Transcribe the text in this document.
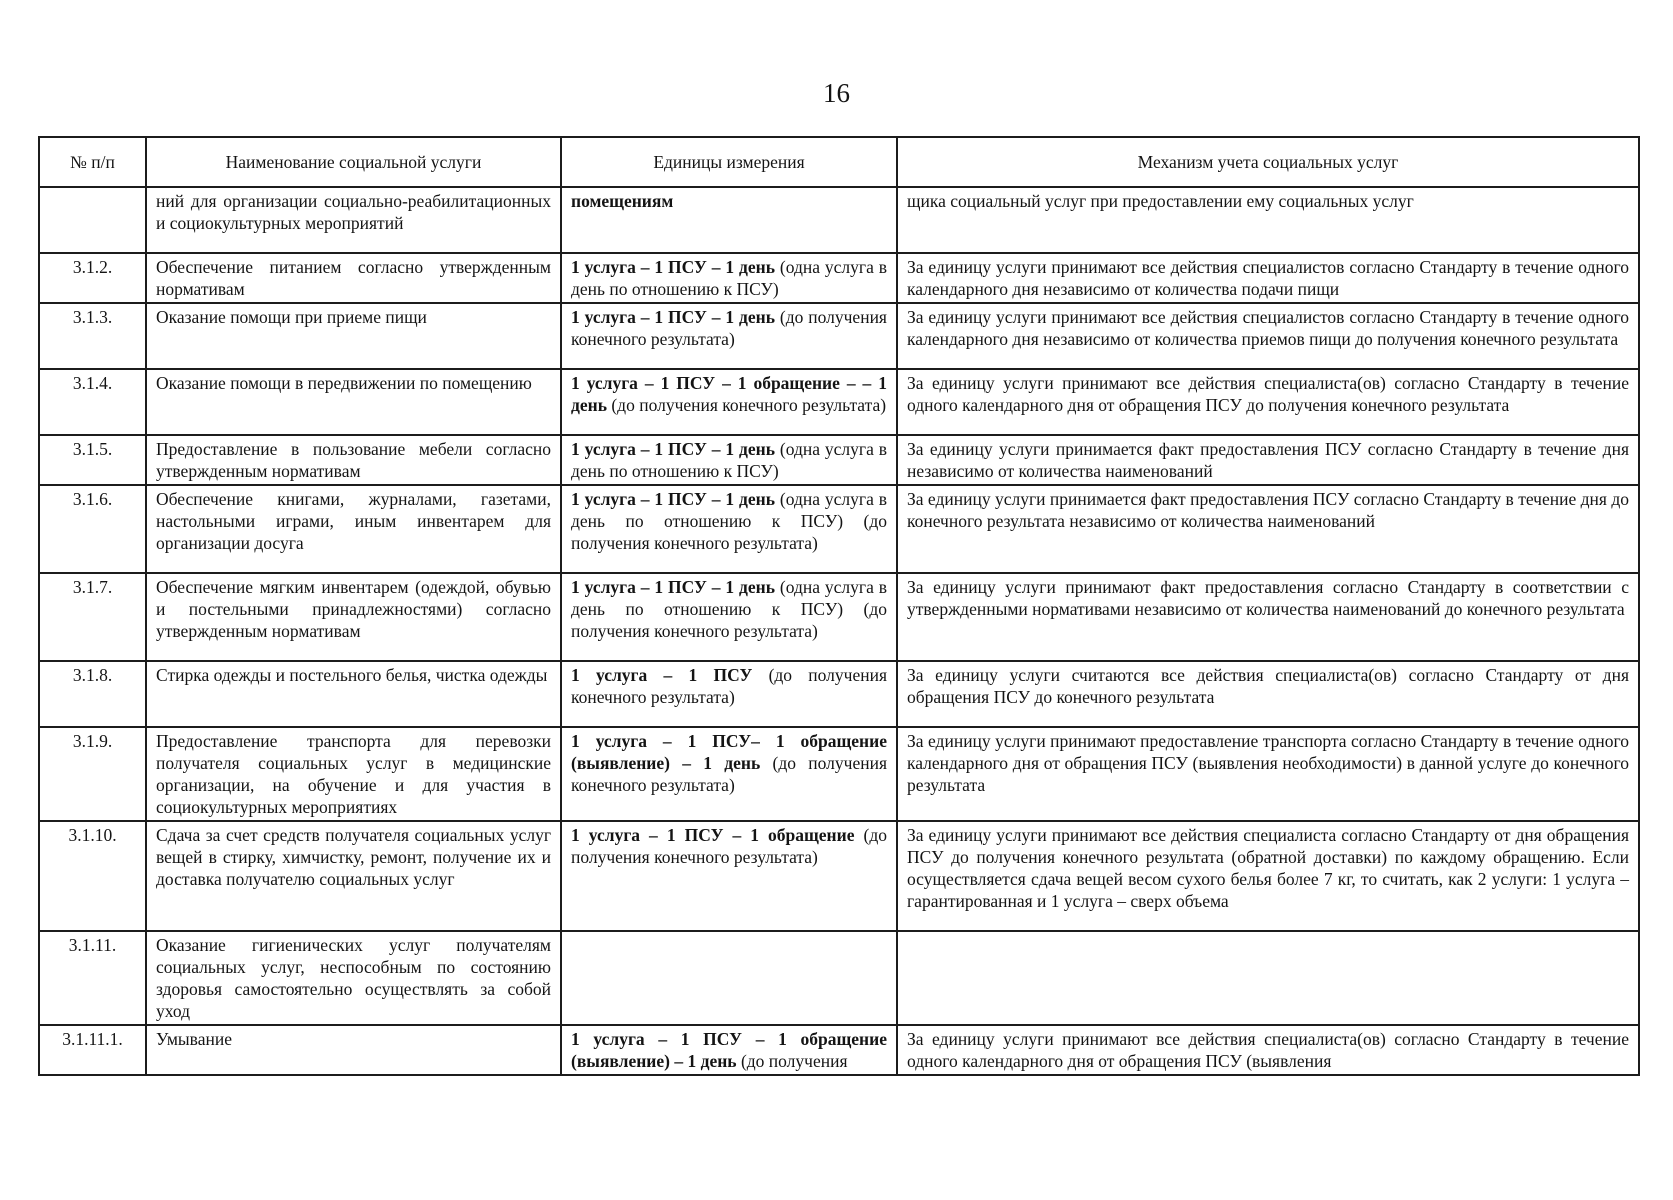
16
№ п/п	Наименование социальной услуги	Единицы измерения	Механизм учета социальных услуг
	ний для организации социально-реабилитационных и социокультурных мероприятий	помещениям	щика социальный услуг при предоставлении ему социальных услуг
3.1.2.	Обеспечение питанием согласно утвержденным нормативам	1 услуга – 1 ПСУ – 1 день (одна услуга в день по отношению к ПСУ)	За единицу услуги принимают все действия специалистов согласно Стандарту в течение одного календарного дня независимо от количества подачи пищи
3.1.3.	Оказание помощи при приеме пищи	1 услуга – 1 ПСУ – 1 день (до получения конечного результата)	За единицу услуги принимают все действия специалистов согласно Стандарту в течение одного календарного дня независимо от количества приемов пищи до получения конечного результата
3.1.4.	Оказание помощи в передвижении по помещению	1 услуга – 1 ПСУ – 1 обращение – – 1 день (до получения конечного результата)	За единицу услуги принимают все действия специалиста(ов) согласно Стандарту в течение одного календарного дня от обращения ПСУ до получения конечного результата
3.1.5.	Предоставление в пользование мебели согласно утвержденным нормативам	1 услуга – 1 ПСУ – 1 день (одна услуга в день по отношению к ПСУ)	За единицу услуги принимается факт предоставления ПСУ согласно Стандарту в течение дня независимо от количества наименований
3.1.6.	Обеспечение книгами, журналами, газетами, настольными играми, иным инвентарем для организации досуга	1 услуга – 1 ПСУ – 1 день (одна услуга в день по отношению к ПСУ) (до получения конечного результата)	За единицу услуги принимается факт предоставления ПСУ согласно Стандарту в течение дня до конечного результата независимо от количества наименований
3.1.7.	Обеспечение мягким инвентарем (одеждой, обувью и постельными принадлежностями) согласно утвержденным нормативам	1 услуга – 1 ПСУ – 1 день (одна услуга в день по отношению к ПСУ) (до получения конечного результата)	За единицу услуги принимают факт предоставления согласно Стандарту в соответствии с утвержденными нормативами независимо от количества наименований до конечного результата
3.1.8.	Стирка одежды и постельного белья, чистка одежды	1 услуга – 1 ПСУ (до получения конечного результата)	За единицу услуги считаются все действия специалиста(ов) согласно Стандарту от дня обращения ПСУ до конечного результата
3.1.9.	Предоставление транспорта для перевозки получателя социальных услуг в медицинские организации, на обучение и для участия в социокультурных мероприятиях	1 услуга – 1 ПСУ– 1 обращение (выявление) – 1 день (до получения конечного результата)	За единицу услуги принимают предоставление транспорта согласно Стандарту в течение одного календарного дня от обращения ПСУ (выявления необходимости) в данной услуге до конечного результата
3.1.10.	Сдача за счет средств получателя социальных услуг вещей в стирку, химчистку, ремонт, получение их и доставка получателю социальных услуг	1 услуга – 1 ПСУ – 1 обращение (до получения конечного результата)	За единицу услуги принимают все действия специалиста согласно Стандарту от дня обращения ПСУ до получения конечного результата (обратной доставки) по каждому обращению. Если осуществляется сдача вещей весом сухого белья более 7 кг, то считать, как 2 услуги: 1 услуга – гарантированная и 1 услуга – сверх объема
3.1.11.	Оказание гигиенических услуг получателям социальных услуг, неспособным по состоянию здоровья самостоятельно осуществлять за собой уход		
3.1.11.1.	Умывание	1 услуга – 1 ПСУ – 1 обращение (выявление) – 1 день (до получения	За единицу услуги принимают все действия специалиста(ов) согласно Стандарту в течение одного календарного дня от обращения ПСУ (выявления
